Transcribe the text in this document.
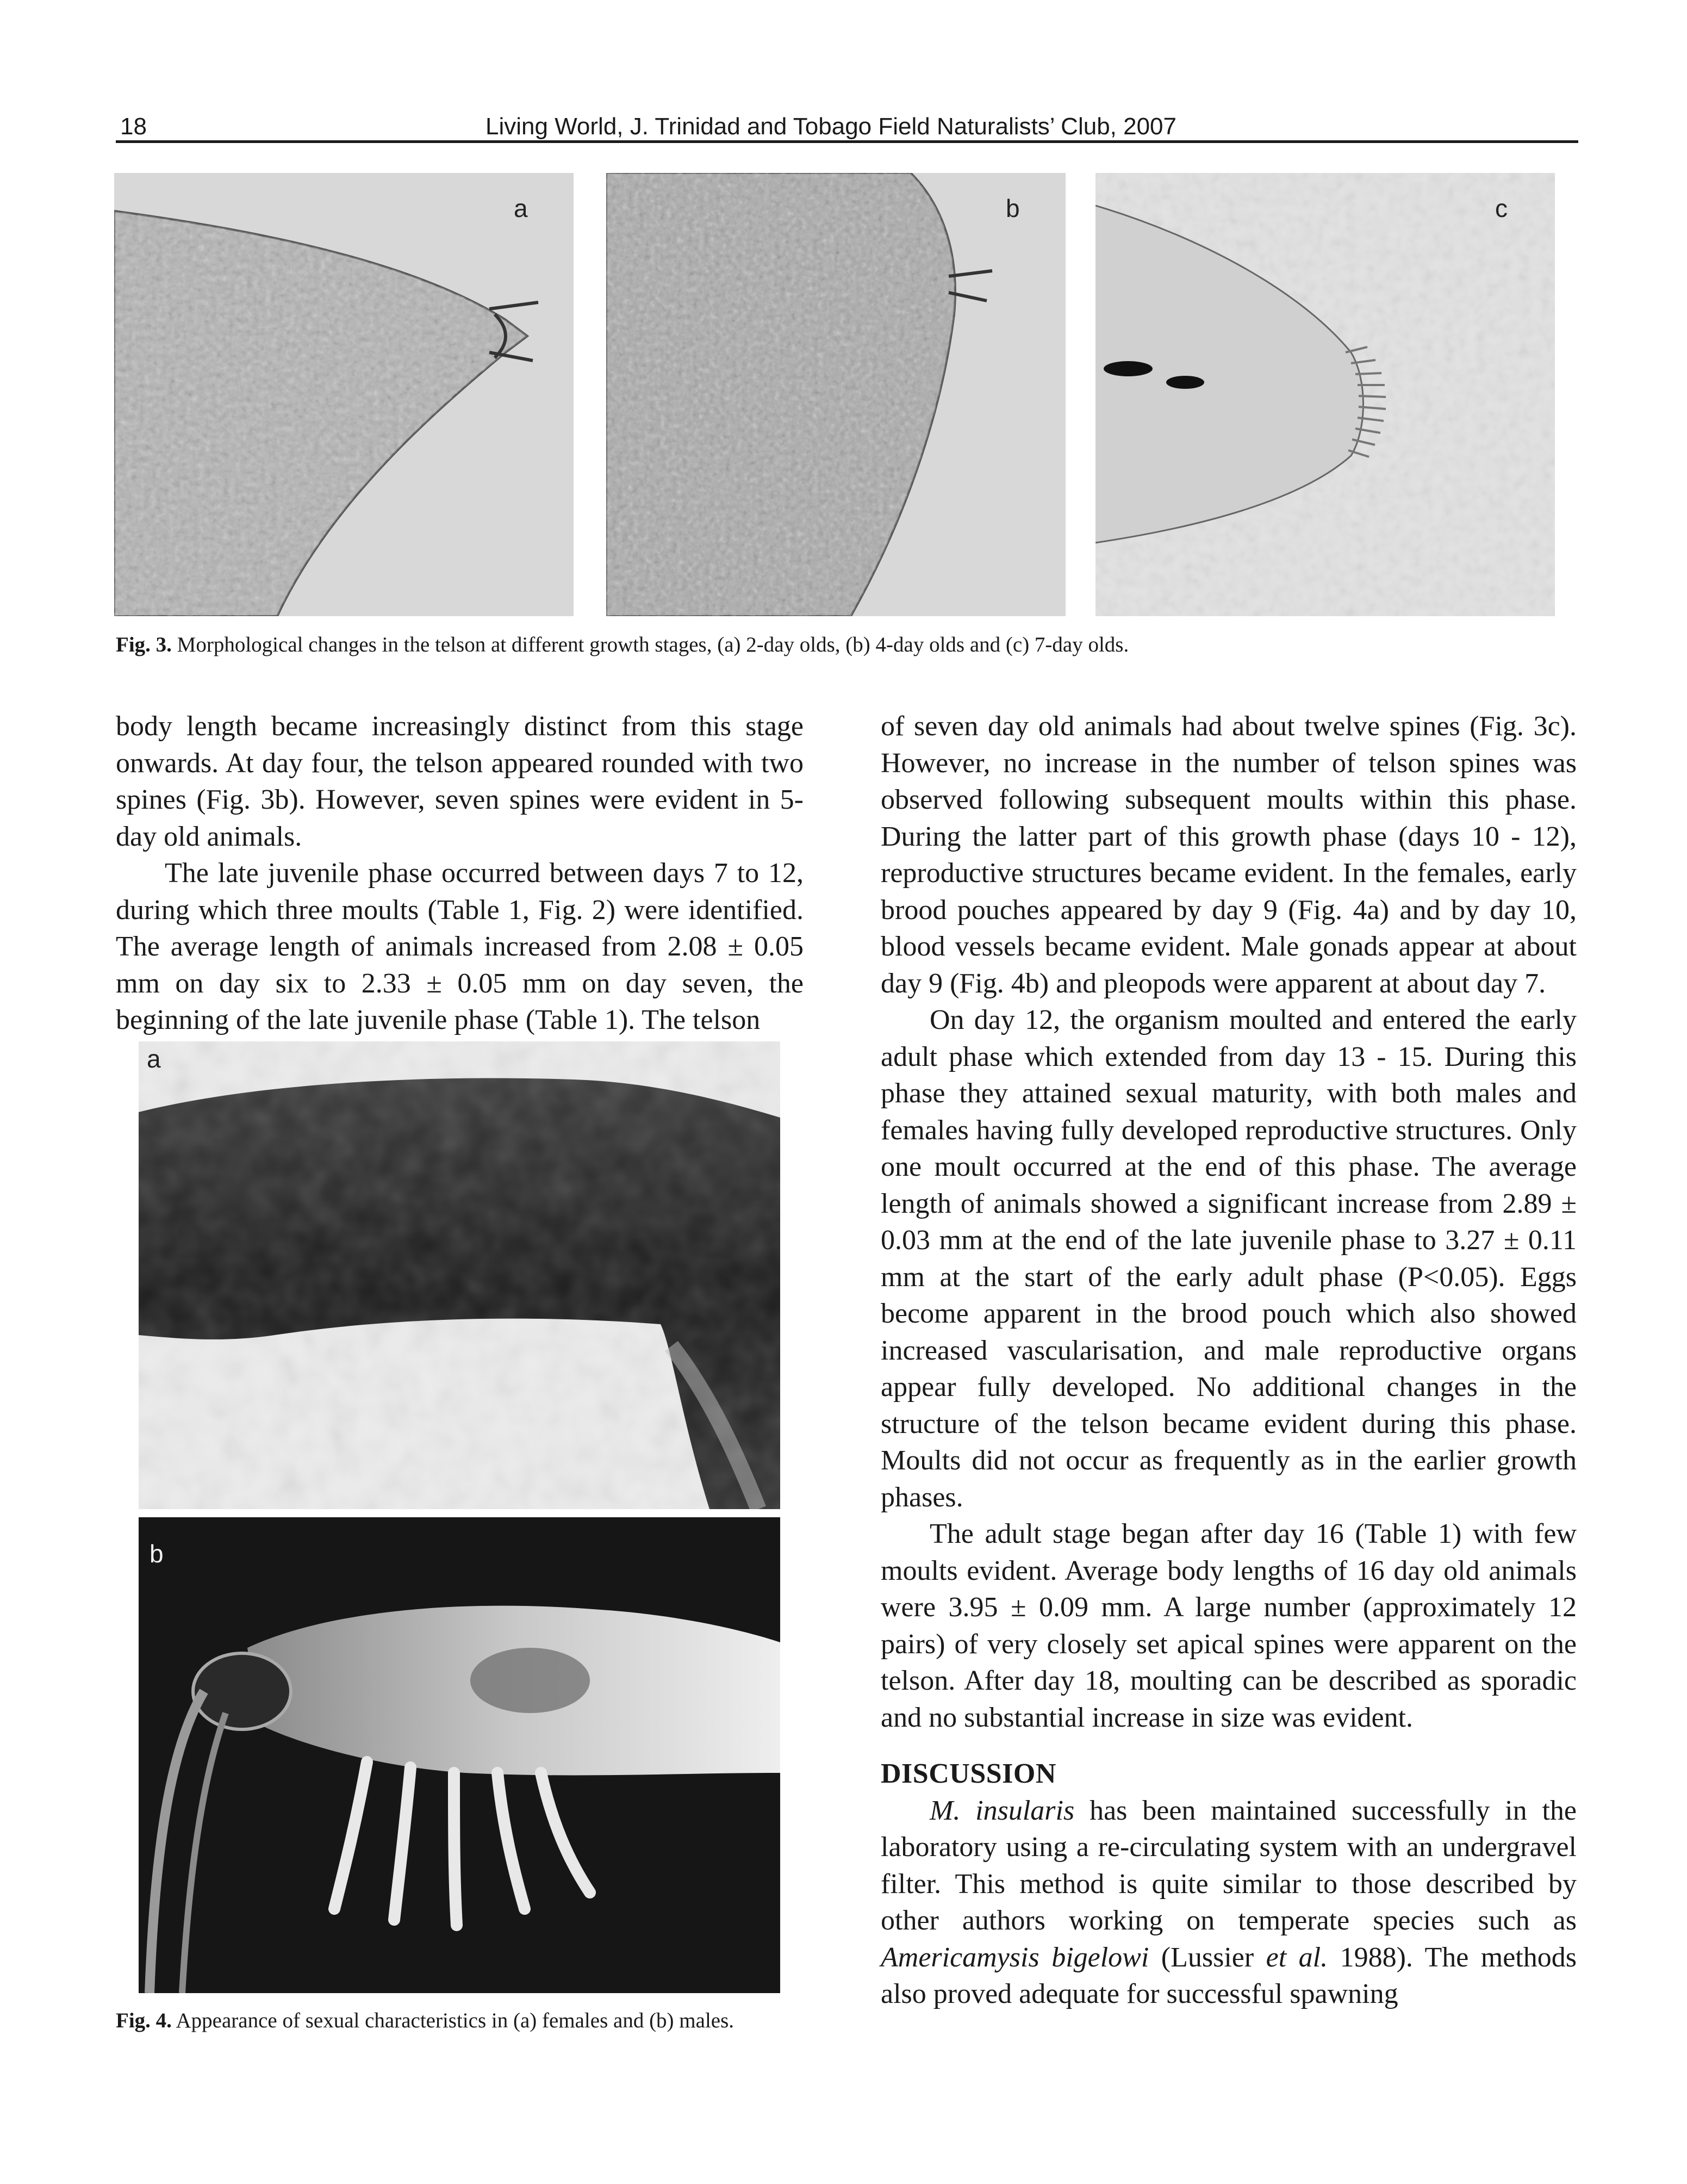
18	Living World, J. Trinidad and Tobago Field Naturalists’ Club, 2007
a	b	c
Fig. 3. Morphological changes in the telson at different growth stages, (a) 2-day olds, (b) 4-day olds and (c) 7-day olds.

body length became increasingly distinct from this stage onwards. At day four, the telson appeared rounded with two spines (Fig. 3b). However, seven spines were evident in 5-day old animals.

The late juvenile phase occurred between days 7 to 12, during which three moults (Table 1, Fig. 2) were identified. The average length of animals increased from 2.08 ± 0.05 mm on day six to 2.33 ± 0.05 mm on day seven, the beginning of the late juvenile phase (Table 1). The telson

a
b
Fig. 4. Appearance of sexual characteristics in (a) females and (b) males.

of seven day old animals had about twelve spines (Fig. 3c). However, no increase in the number of telson spines was observed following subsequent moults within this phase. During the latter part of this growth phase (days 10 - 12), reproductive structures became evident. In the females, early brood pouches appeared by day 9 (Fig. 4a) and by day 10, blood vessels became evident. Male gonads appear at about day 9 (Fig. 4b) and pleopods were apparent at about day 7.

On day 12, the organism moulted and entered the early adult phase which extended from day 13 - 15. During this phase they attained sexual maturity, with both males and females having fully developed reproductive structures. Only one moult occurred at the end of this phase. The average length of animals showed a significant increase from 2.89 ± 0.03 mm at the end of the late juvenile phase to 3.27 ± 0.11 mm at the start of the early adult phase (P<0.05). Eggs become apparent in the brood pouch which also showed increased vascularisation, and male reproductive organs appear fully developed. No additional changes in the structure of the telson became evident during this phase. Moults did not occur as frequently as in the earlier growth phases.

The adult stage began after day 16 (Table 1) with few moults evident. Average body lengths of 16 day old animals were 3.95 ± 0.09 mm. A large number (approximately 12 pairs) of very closely set apical spines were apparent on the telson. After day 18, moulting can be described as sporadic and no substantial increase in size was evident.

DISCUSSION

M. insularis has been maintained successfully in the laboratory using a re-circulating system with an undergravel filter. This method is quite similar to those described by other authors working on temperate species such as Americamysis bigelowi (Lussier et al. 1988). The methods also proved adequate for successful spawning
